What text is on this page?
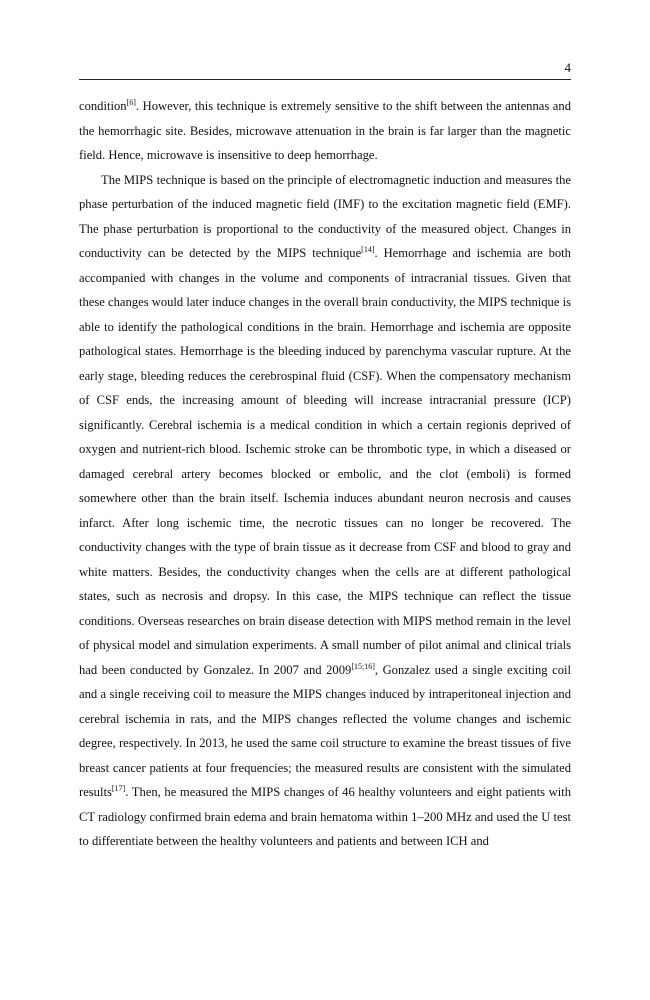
4

condition[6]. However, this technique is extremely sensitive to the shift between the antennas and the hemorrhagic site. Besides, microwave attenuation in the brain is far larger than the magnetic field. Hence, microwave is insensitive to deep hemorrhage.

The MIPS technique is based on the principle of electromagnetic induction and measures the phase perturbation of the induced magnetic field (IMF) to the excitation magnetic field (EMF). The phase perturbation is proportional to the conductivity of the measured object. Changes in conductivity can be detected by the MIPS technique[14]. Hemorrhage and ischemia are both accompanied with changes in the volume and components of intracranial tissues. Given that these changes would later induce changes in the overall brain conductivity, the MIPS technique is able to identify the pathological conditions in the brain. Hemorrhage and ischemia are opposite pathological states. Hemorrhage is the bleeding induced by parenchyma vascular rupture. At the early stage, bleeding reduces the cerebrospinal fluid (CSF). When the compensatory mechanism of CSF ends, the increasing amount of bleeding will increase intracranial pressure (ICP) significantly. Cerebral ischemia is a medical condition in which a certain regionis deprived of oxygen and nutrient-rich blood. Ischemic stroke can be thrombotic type, in which a diseased or damaged cerebral artery becomes blocked or embolic, and the clot (emboli) is formed somewhere other than the brain itself. Ischemia induces abundant neuron necrosis and causes infarct. After long ischemic time, the necrotic tissues can no longer be recovered. The conductivity changes with the type of brain tissue as it decrease from CSF and blood to gray and white matters. Besides, the conductivity changes when the cells are at different pathological states, such as necrosis and dropsy. In this case, the MIPS technique can reflect the tissue conditions. Overseas researches on brain disease detection with MIPS method remain in the level of physical model and simulation experiments. A small number of pilot animal and clinical trials had been conducted by Gonzalez. In 2007 and 2009[15;16], Gonzalez used a single exciting coil and a single receiving coil to measure the MIPS changes induced by intraperitoneal injection and cerebral ischemia in rats, and the MIPS changes reflected the volume changes and ischemic degree, respectively. In 2013, he used the same coil structure to examine the breast tissues of five breast cancer patients at four frequencies; the measured results are consistent with the simulated results[17]. Then, he measured the MIPS changes of 46 healthy volunteers and eight patients with CT radiology confirmed brain edema and brain hematoma within 1–200 MHz and used the U test to differentiate between the healthy volunteers and patients and between ICH and
